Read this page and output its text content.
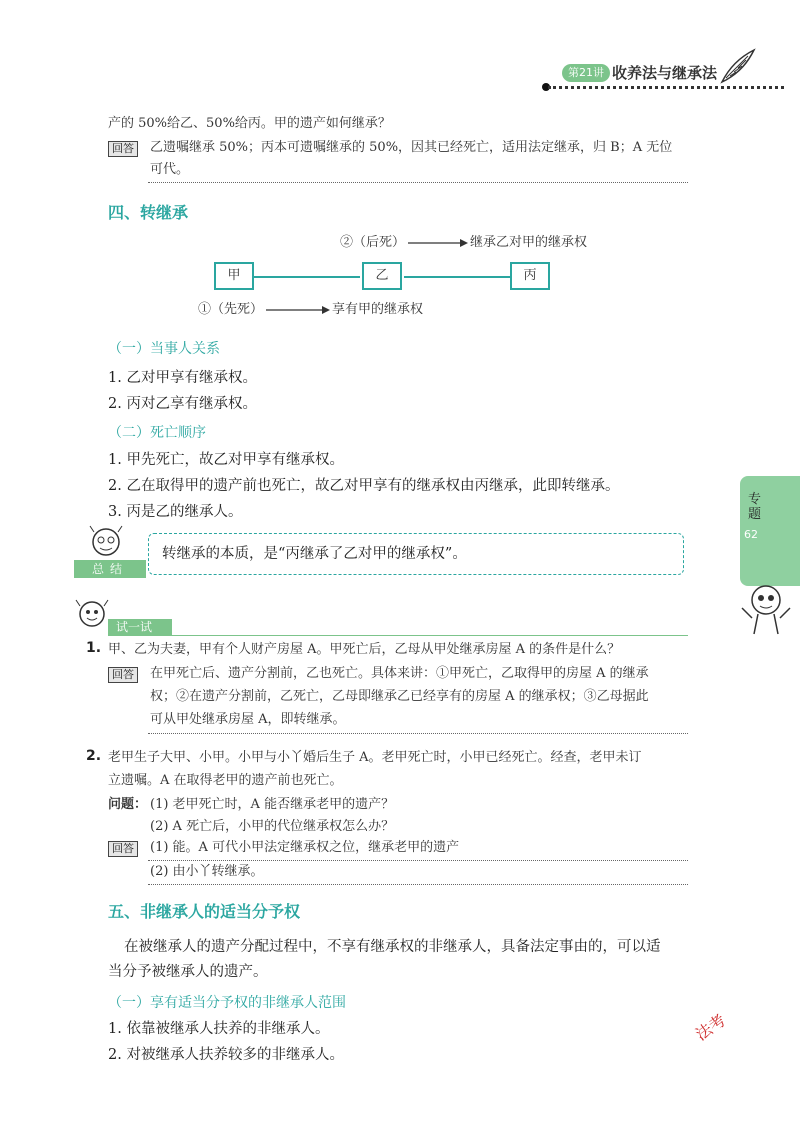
第21讲 收养法与继承法
产的 50%给乙、50%给丙。甲的遗产如何继承？
回答	乙遗嘱继承 50%；丙本可遗嘱继承的 50%，因其已经死亡，适用法定继承，归 B；A 无位
可代。
四、转继承
②（后死）	继承乙对甲的继承权
甲	乙	丙
①（先死）	享有甲的继承权
（一）当事人关系
1. 乙对甲享有继承权。
2. 丙对乙享有继承权。
（二）死亡顺序
1. 甲先死亡，故乙对甲享有继承权。
2. 乙在取得甲的遗产前也死亡，故乙对甲享有的继承权由丙继承，此即转继承。
3. 丙是乙的继承人。
总结
转继承的本质，是“丙继承了乙对甲的继承权”。
专题
62
试一试
1. 甲、乙为夫妻，甲有个人财产房屋 A。甲死亡后，乙母从甲处继承房屋 A 的条件是什么？
回答	在甲死亡后、遗产分割前，乙也死亡。具体来讲：①甲死亡，乙取得甲的房屋 A 的继承
权；②在遗产分割前，乙死亡，乙母即继承乙已经享有的房屋 A 的继承权；③乙母据此
可从甲处继承房屋 A，即转继承。
2. 老甲生子大甲、小甲。小甲与小丫婚后生子 A。老甲死亡时，小甲已经死亡。经查，老甲未订
立遗嘱。A 在取得老甲的遗产前也死亡。
问题： (1) 老甲死亡时，A 能否继承老甲的遗产？
(2) A 死亡后，小甲的代位继承权怎么办？
回答	(1) 能。A 可代小甲法定继承权之位，继承老甲的遗产
(2) 由小丫转继承。
五、非继承人的适当分予权
在被继承人的遗产分配过程中，不享有继承权的非继承人，具备法定事由的，可以适
当分予被继承人的遗产。
（一）享有适当分予权的非继承人范围
1. 依靠被继承人扶养的非继承人。
2. 对被继承人扶养较多的非继承人。
法考
